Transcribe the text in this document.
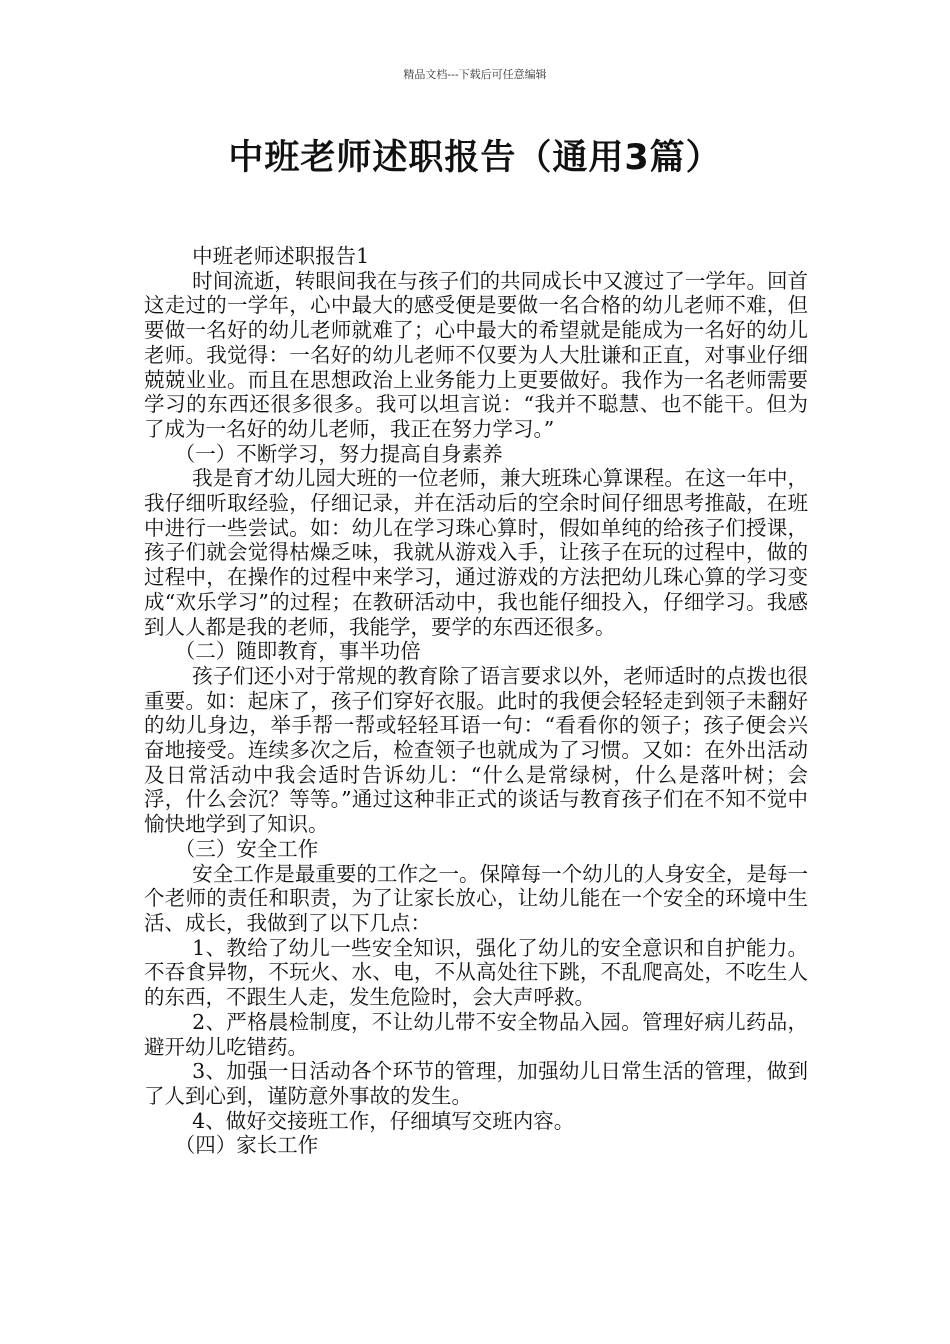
精品文档---下载后可任意编辑
中班老师述职报告（通用3篇）

中班老师述职报告1

时间流逝，转眼间我在与孩子们的共同成长中又渡过了一学年。回首这走过的一学年，心中最大的感受便是要做一名合格的幼儿老师不难，但要做一名好的幼儿老师就难了；心中最大的希望就是能成为一名好的幼儿老师。我觉得：一名好的幼儿老师不仅要为人大肚谦和正直，对事业仔细兢兢业业。而且在思想政治上业务能力上更要做好。我作为一名老师需要学习的东西还很多很多。我可以坦言说：“我并不聪慧、也不能干。但为了成为一名好的幼儿老师，我正在努力学习。”

（一）不断学习，努力提高自身素养

我是育才幼儿园大班的一位老师，兼大班珠心算课程。在这一年中，我仔细听取经验，仔细记录，并在活动后的空余时间仔细思考推敲，在班中进行一些尝试。如：幼儿在学习珠心算时，假如单纯的给孩子们授课，孩子们就会觉得枯燥乏味，我就从游戏入手，让孩子在玩的过程中，做的过程中，在操作的过程中来学习，通过游戏的方法把幼儿珠心算的学习变成“欢乐学习”的过程；在教研活动中，我也能仔细投入，仔细学习。我感到人人都是我的老师，我能学，要学的东西还很多。

（二）随即教育，事半功倍

孩子们还小对于常规的教育除了语言要求以外，老师适时的点拨也很重要。如：起床了，孩子们穿好衣服。此时的我便会轻轻走到领子未翻好的幼儿身边，举手帮一帮或轻轻耳语一句：“看看你的领子；孩子便会兴奋地接受。连续多次之后，检查领子也就成为了习惯。又如：在外出活动及日常活动中我会适时告诉幼儿：“什么是常绿树，什么是落叶树；会浮，什么会沉？等等。”通过这种非正式的谈话与教育孩子们在不知不觉中愉快地学到了知识。

（三）安全工作

安全工作是最重要的工作之一。保障每一个幼儿的人身安全，是每一个老师的责任和职责，为了让家长放心，让幼儿能在一个安全的环境中生活、成长，我做到了以下几点：

1、教给了幼儿一些安全知识，强化了幼儿的安全意识和自护能力。不吞食异物，不玩火、水、电，不从高处往下跳，不乱爬高处，不吃生人的东西，不跟生人走，发生危险时，会大声呼救。

2、严格晨检制度，不让幼儿带不安全物品入园。管理好病儿药品，避开幼儿吃错药。

3、加强一日活动各个环节的管理，加强幼儿日常生活的管理，做到了人到心到，谨防意外事故的发生。

4、做好交接班工作，仔细填写交班内容。

（四）家长工作
